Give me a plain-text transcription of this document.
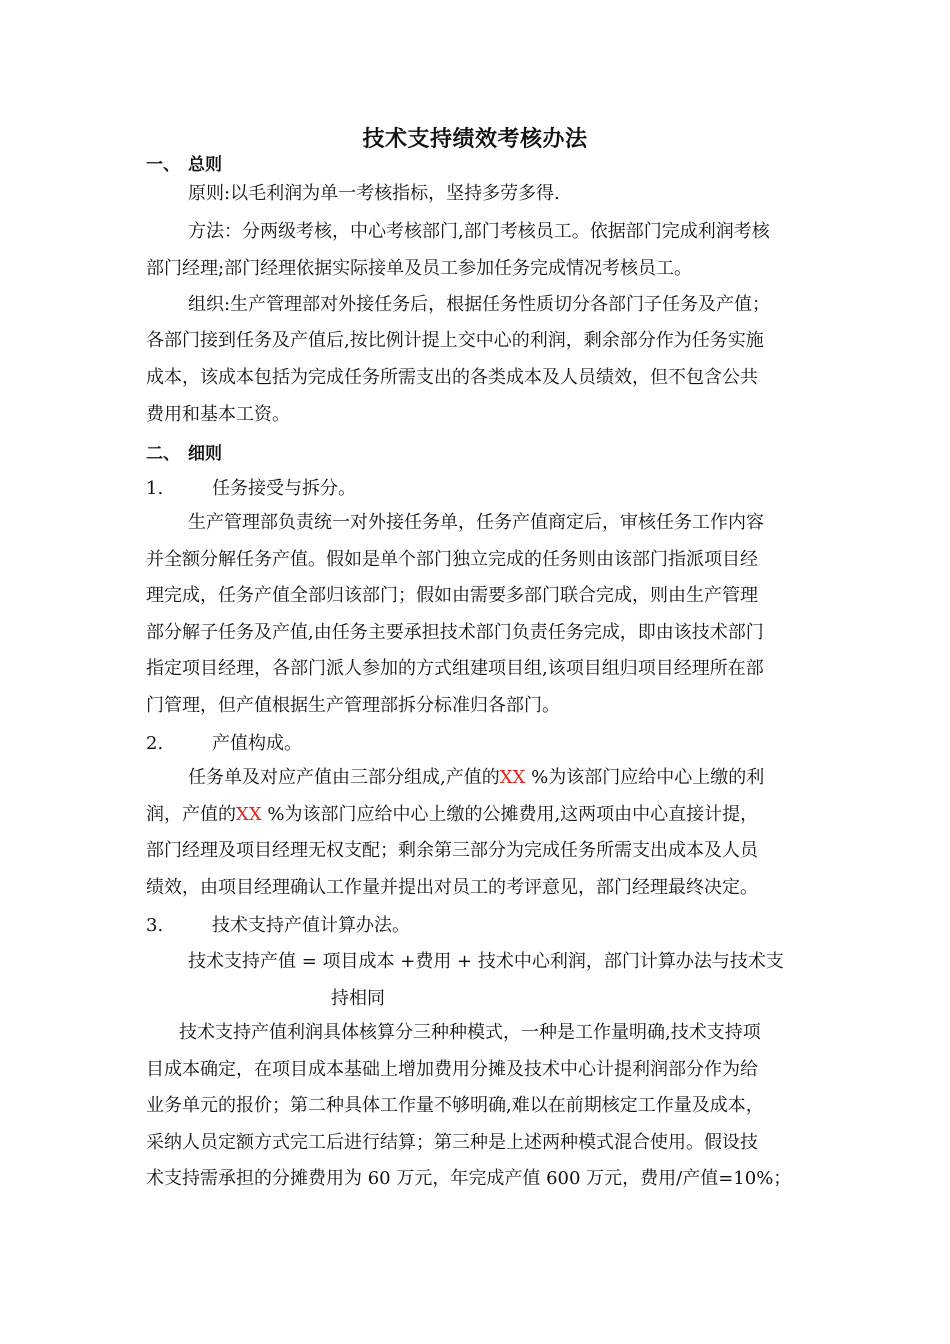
技术支持绩效考核办法
一、 总则
原则:以毛利润为单一考核指标，坚持多劳多得.
方法：分两级考核，中心考核部门,部门考核员工。依据部门完成利润考核
部门经理;部门经理依据实际接单及员工参加任务完成情况考核员工。
组织:生产管理部对外接任务后，根据任务性质切分各部门子任务及产值；
各部门接到任务及产值后,按比例计提上交中心的利润，剩余部分作为任务实施
成本，该成本包括为完成任务所需支出的各类成本及人员绩效，但不包含公共
费用和基本工资。
二、 细则
1.	任务接受与拆分。
生产管理部负责统一对外接任务单，任务产值商定后，审核任务工作内容
并全额分解任务产值。假如是单个部门独立完成的任务则由该部门指派项目经
理完成，任务产值全部归该部门；假如由需要多部门联合完成，则由生产管理
部分解子任务及产值,由任务主要承担技术部门负责任务完成，即由该技术部门
指定项目经理，各部门派人参加的方式组建项目组,该项目组归项目经理所在部
门管理，但产值根据生产管理部拆分标准归各部门。
2.	产值构成。
任务单及对应产值由三部分组成,产值的XX %为该部门应给中心上缴的利
润，产值的XX %为该部门应给中心上缴的公摊费用,这两项由中心直接计提，
部门经理及项目经理无权支配；剩余第三部分为完成任务所需支出成本及人员
绩效，由项目经理确认工作量并提出对员工的考评意见，部门经理最终决定。
3.	技术支持产值计算办法。
技术支持产值 = 项目成本 +费用 + 技术中心利润，部门计算办法与技术支
持相同
技术支持产值利润具体核算分三种种模式，一种是工作量明确,技术支持项
目成本确定，在项目成本基础上增加费用分摊及技术中心计提利润部分作为给
业务单元的报价；第二种具体工作量不够明确,难以在前期核定工作量及成本，
采纳人员定额方式完工后进行结算；第三种是上述两种模式混合使用。假设技
术支持需承担的分摊费用为 60 万元，年完成产值 600 万元，费用/产值=10%；
